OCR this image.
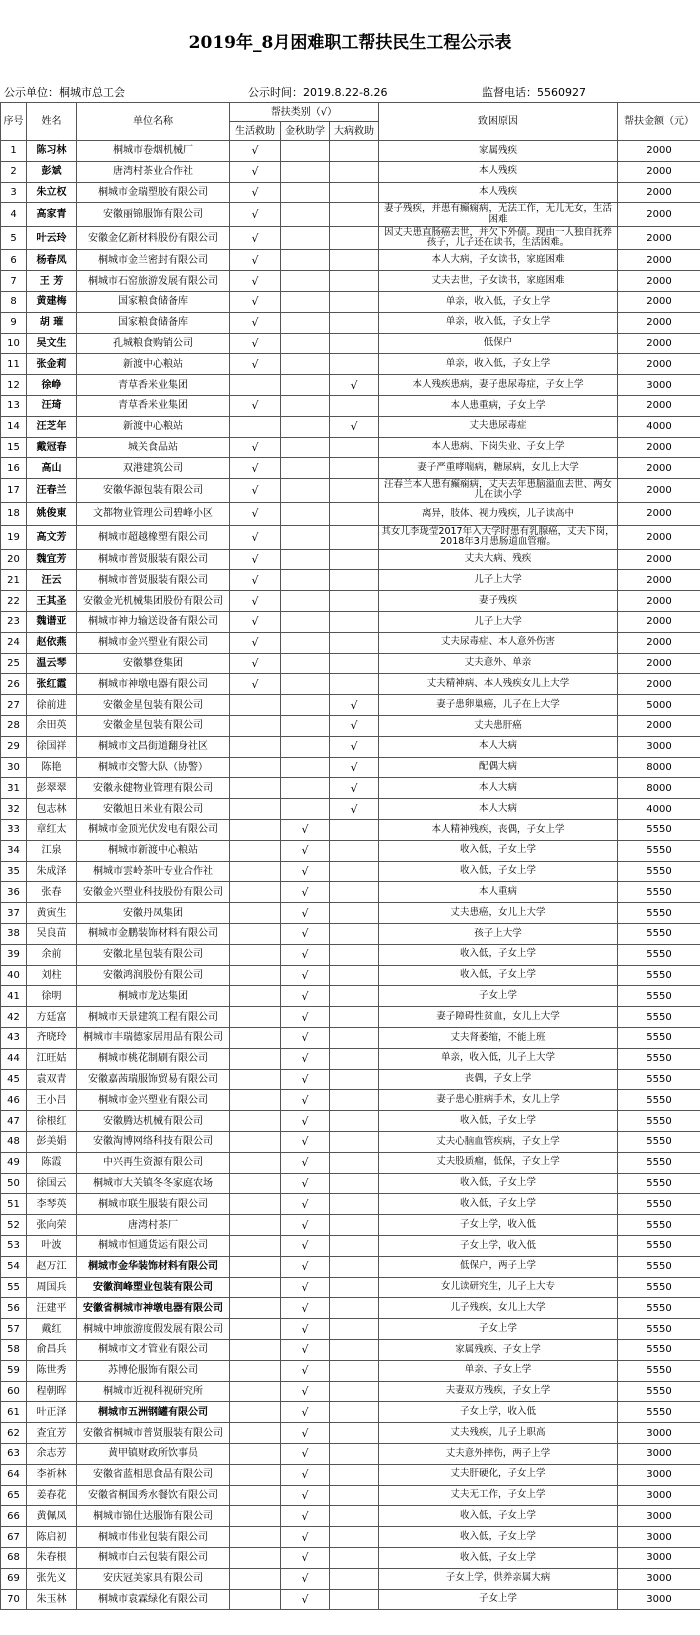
2019年_8月困难职工帮扶民生工程公示表
公示单位：桐城市总工会	公示时间：2019.8.22-8.26	监督电话：5560927
序号	姓名	单位名称	帮扶类别（√）			致困原因	帮扶金额（元）
			生活救助	金秋助学	大病救助		
1	陈习林	桐城市卷烟机械厂	√			家属残疾	2000
2	彭斌	唐湾村茶业合作社	√			本人残疾	2000
3	朱立权	桐城市金瑞塑胶有限公司	√			本人残疾	2000
4	高家青	安徽丽锦服饰有限公司	√			妻子残疾，并患有癫痫病，无法工作，无儿无女，生活困难	2000
5	叶云玲	安徽金亿新材料股份有限公司	√			因丈夫患直肠癌去世，并欠下外债。现由一人独自抚养孩子，儿子还在读书，生活困难。	2000
6	杨春凤	桐城市金兰密封有限公司	√			本人大病，子女读书，家庭困难	2000
7	王 芳	桐城市石窑旅游发展有限公司	√			丈夫去世，子女读书，家庭困难	2000
8	黄建梅	国家粮食储备库	√			单亲，收入低，子女上学	2000
9	胡 璀	国家粮食储备库	√			单亲，收入低，子女上学	2000
10	吴文生	孔城粮食购销公司	√			低保户	2000
11	张金莉	新渡中心粮站	√			单亲，收入低，子女上学	2000
12	徐峥	青草香米业集团			√	本人残疾患病，妻子患尿毒症，子女上学	3000
13	汪琦	青草香米业集团	√			本人患重病，子女上学	2000
14	汪芝年	新渡中心粮站			√	丈夫患尿毒症	4000
15	戴冠春	城关食品站	√			本人患病、下岗失业、子女上学	2000
16	高山	双港建筑公司	√			妻子严重哮喘病，糖尿病，女儿上大学	2000
17	汪春兰	安徽华源包装有限公司	√			汪春兰本人患有癫痫病，丈夫去年患脑溢血去世、两女儿在读小学	2000
18	姚俊東	文都物业管理公司碧峰小区	√			离异，肢体、视力残疾，儿子读高中	2000
19	高文芳	桐城市超越橡塑有限公司	√			其女儿李珑莹2017年入大学时患有乳腺癌，丈夫下岗，2018年3月患肠道血管瘤。	2000
20	魏宜芳	桐城市普贤服装有限公司	√			丈夫大病、残疾	2000
21	汪云	桐城市普贤服装有限公司	√			儿子上大学	2000
22	王其圣	安徽金光机械集团股份有限公司	√			妻子残疾	2000
23	魏谱亚	桐城市神力输送设备有限公司	√			儿子上大学	2000
24	赵依燕	桐城市金兴塑业有限公司	√			丈夫尿毒症、本人意外伤害	2000
25	温云琴	安徽攀登集团	√			丈夫意外、单亲	2000
26	张红霞	桐城市神墩电器有限公司	√			丈夫精神病、本人残疾女儿上大学	2000
27	徐前进	安徽金星包装有限公司			√	妻子患卵巢癌，儿子在上大学	5000
28	余田英	安徽金星包装有限公司			√	丈夫患肝癌	2000
29	徐国祥	桐城市文昌街道翻身社区			√	本人大病	3000
30	陈艳	桐城市交警大队（协警）			√	配偶大病	8000
31	彭翠翠	安徽永健物业管理有限公司			√	本人大病	8000
32	包志林	安徽旭日米业有限公司			√	本人大病	4000
33	章红太	桐城市金顶光伏发电有限公司		√		本人精神残疾，丧偶，子女上学	5550
34	江泉	桐城市新渡中心粮站		√		收入低，子女上学	5550
35	朱成泽	桐城市雲岭茶叶专业合作社		√		收入低，子女上学	5550
36	张春	安徽金兴塑业科技股份有限公司		√		本人重病	5550
37	黄寅生	安徽丹凤集团		√		丈夫患癌，女儿上大学	5550
38	吴良苗	桐城市金鹏装饰材料有限公司		√		孩子上大学	5550
39	余前	安徽北星包装有限公司		√		收入低，子女上学	5550
40	刘柱	安徽鸿润股份有限公司		√		收入低，子女上学	5550
41	徐明	桐城市龙达集团		√		子女上学	5550
42	方廷富	桐城市天景建筑工程有限公司		√		妻子障碍性贫血，女儿上大学	5550
43	齐晓玲	桐城市丰瑞德家居用品有限公司		√		丈夫肾萎缩，不能上班	5550
44	江旺姑	桐城市桃花制刷有限公司		√		单亲，收入低，儿子上大学	5550
45	袁双青	安徽嘉茜瑞服饰贸易有限公司		√		丧偶，子女上学	5550
46	王小吕	桐城市金兴塑业有限公司		√		妻子患心脏病手术，女儿上学	5550
47	徐根红	安徽腾达机械有限公司		√		收入低，子女上学	5550
48	彭美娟	安徽淘博网络科技有限公司		√		丈夫心脑血管疾病，子女上学	5550
49	陈霞	中兴再生资源有限公司		√		丈夫股质瘤，低保，子女上学	5550
50	徐国云	桐城市大关镇冬冬家庭农场		√		收入低，子女上学	5550
51	李琴英	桐城市联生服装有限公司		√		收入低，子女上学	5550
52	张向荣	唐湾村茶厂		√		子女上学，收入低	5550
53	叶波	桐城市恒通货运有限公司		√		子女上学，收入低	5550
54	赵万江	桐城市金华装饰材料有限公司		√		低保户，两子上学	5550
55	周国兵	安徽润峰塑业包装有限公司		√		女儿读研究生，儿子上大专	5550
56	汪建平	安徽省桐城市神墩电器有限公司		√		儿子残疾，女儿上大学	5550
57	戴红	桐城中坤旅游度假发展有限公司		√		子女上学	5550
58	俞昌兵	桐城市文才管业有限公司		√		家属残疾、子女上学	5550
59	陈世秀	苏博伦服饰有限公司		√		单亲、子女上学	5550
60	程朝晖	桐城市近视科视研究所		√		夫妻双方残疾，子女上学	5550
61	叶正泽	桐城市五洲钢罐有限公司		√		子女上学，收入低	5550
62	查宜芳	安徽省桐城市普贤服装有限公司		√		丈夫残疾，儿子上职高	3000
63	余志芳	黄甲镇财政所饮事员		√		丈夫意外摔伤，两子上学	3000
64	李祈林	安徽省蓝相思食品有限公司		√		丈夫肝硬化，子女上学	3000
65	姜春花	安徽省桐国秀水餐饮有限公司		√		丈夫无工作，子女上学	3000
66	黄佩凤	桐城市锦仕达服饰有限公司		√		收入低，子女上学	3000
67	陈启初	桐城市伟业包装有限公司		√		收入低，子女上学	3000
68	朱春根	桐城市白云包装有限公司		√		收入低，子女上学	3000
69	张先义	安庆冠美家具有限公司		√		子女上学，供养亲属大病	3000
70	朱玉林	桐城市袁霖绿化有限公司		√		子女上学	3000
